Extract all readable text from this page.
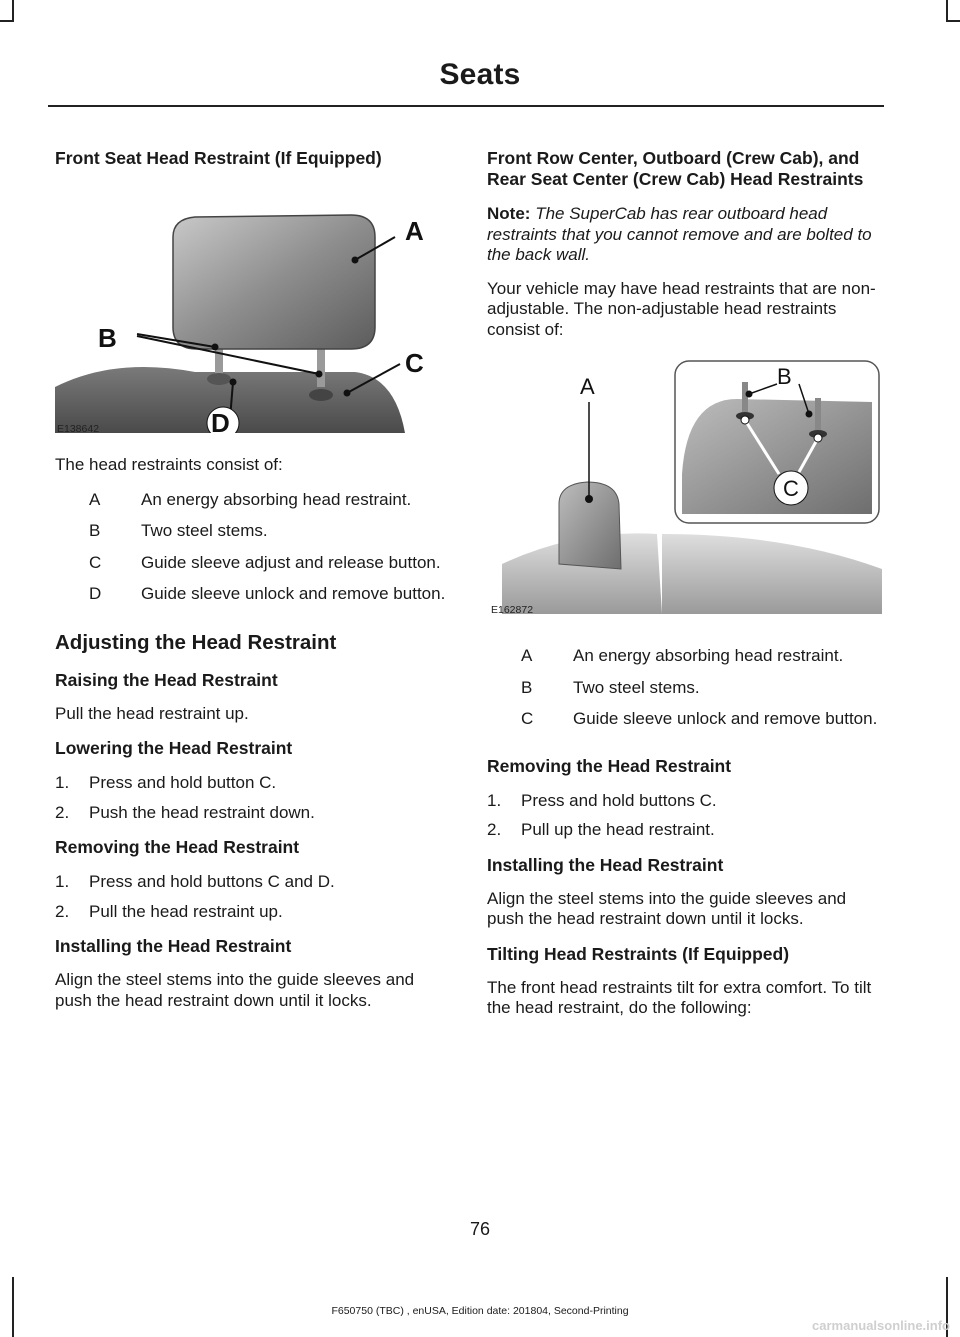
Seats
Front Seat Head Restraint (If Equipped)
A
B
C
D
E138642

The head restraints consist of:

A	An energy absorbing head restraint.
B	Two steel stems.
C	Guide sleeve adjust and release button.
D	Guide sleeve unlock and remove button.
Adjusting the Head Restraint
Raising the Head Restraint

Pull the head restraint up.

Lowering the Head Restraint
1.	Press and hold button C.
2.	Push the head restraint down.
Removing the Head Restraint
1.	Press and hold buttons C and D.
2.	Pull the head restraint up.
Installing the Head Restraint

Align the steel stems into the guide sleeves and push the head restraint down until it locks.

Front Row Center, Outboard (Crew Cab), and Rear Seat Center (Crew Cab) Head Restraints

Note: The SuperCab has rear outboard head restraints that you cannot remove and are bolted to the back wall.

Your vehicle may have head restraints that are non-adjustable. The non-adjustable head restraints consist of:

A	B
C
E162872
A	An energy absorbing head restraint.
B	Two steel stems.
C	Guide sleeve unlock and remove button.
Removing the Head Restraint
1.	Press and hold buttons C.
2.	Pull up the head restraint.
Installing the Head Restraint

Align the steel stems into the guide sleeves and push the head restraint down until it locks.

Tilting Head Restraints (If Equipped)

The front head restraints tilt for extra comfort. To tilt the head restraint, do the following:

76
F650750 (TBC) , enUSA, Edition date: 201804, Second-Printing
carmanualsonline.info
